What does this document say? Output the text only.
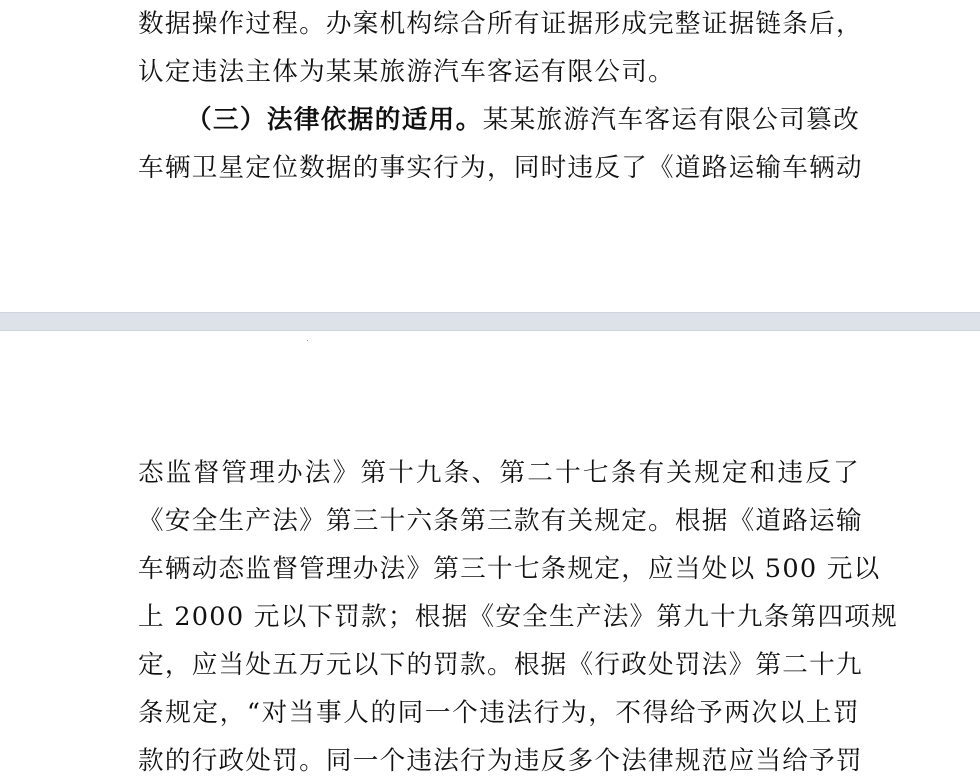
数据操作过程。办案机构综合所有证据形成完整证据链条后，
认定违法主体为某某旅游汽车客运有限公司。
（三）法律依据的适用。某某旅游汽车客运有限公司篡改
车辆卫星定位数据的事实行为，同时违反了《道路运输车辆动
态监督管理办法》第十九条、第二十七条有关规定和违反了
《安全生产法》第三十六条第三款有关规定。根据《道路运输
车辆动态监督管理办法》第三十七条规定，应当处以 500 元以
上 2000 元以下罚款；根据《安全生产法》第九十九条第四项规
定，应当处五万元以下的罚款。根据《行政处罚法》第二十九
条规定，“对当事人的同一个违法行为，不得给予两次以上罚
款的行政处罚。同一个违法行为违反多个法律规范应当给予罚
